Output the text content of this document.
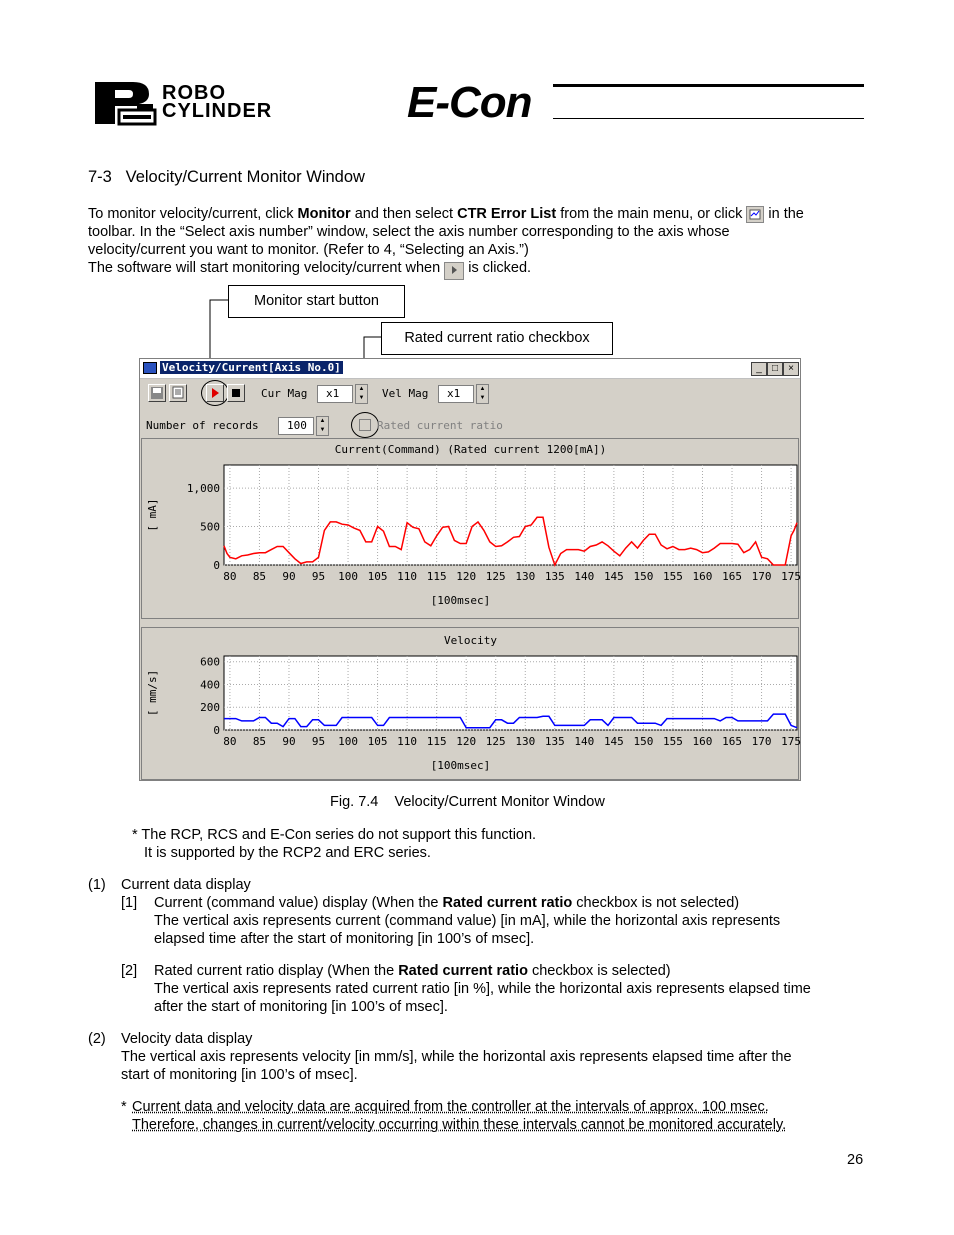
ROBO
CYLINDER	E-Con
7-3   Velocity/Current Monitor Window
To monitor velocity/current, click Monitor and then select CTR Error List from the main menu, or click  in the
toolbar. In the “Select axis number” window, select the axis number corresponding to the axis whose
velocity/current you want to monitor. (Refer to 4, “Selecting an Axis.”)
The software will start monitoring velocity/current when  is clicked.
Monitor start button
Rated current ratio checkbox
Velocity/Current[Axis No.0]	_	□	×
Cur Mag	x1	▲
▼	Vel Mag	x1	▲
▼
Number of records	100	▲
▼	Rated current ratio
80 85 90 95 100 105 110 115 120 125 130 135 140 145 150 155 160 165 170 175
0
500
1,000
Current(Command) (Rated current 1200[mA])
[100msec]
[ mA]
80 85 90 95 100 105 110 115 120 125 130 135 140 145 150 155 160 165 170 175
0
200
400
600
Velocity
[100msec]
[ mm/s]
Fig. 7.4    Velocity/Current Monitor Window
* The RCP, RCS and E-Con series do not support this function.
It is supported by the RCP2 and ERC series.
(1) Current data display
[1] Current (command value) display (When the Rated current ratio checkbox is not selected)
The vertical axis represents current (command value) [in mA], while the horizontal axis represents
elapsed time after the start of monitoring [in 100’s of msec].
[2] Rated current ratio display (When the Rated current ratio checkbox is selected)
The vertical axis represents rated current ratio [in %], while the horizontal axis represents elapsed time
after the start of monitoring [in 100’s of msec].
(2) Velocity data display
The vertical axis represents velocity [in mm/s], while the horizontal axis represents elapsed time after the
start of monitoring [in 100’s of msec].
* Current data and velocity data are acquired from the controller at the intervals of approx. 100 msec.
Therefore, changes in current/velocity occurring within these intervals cannot be monitored accurately.
26
